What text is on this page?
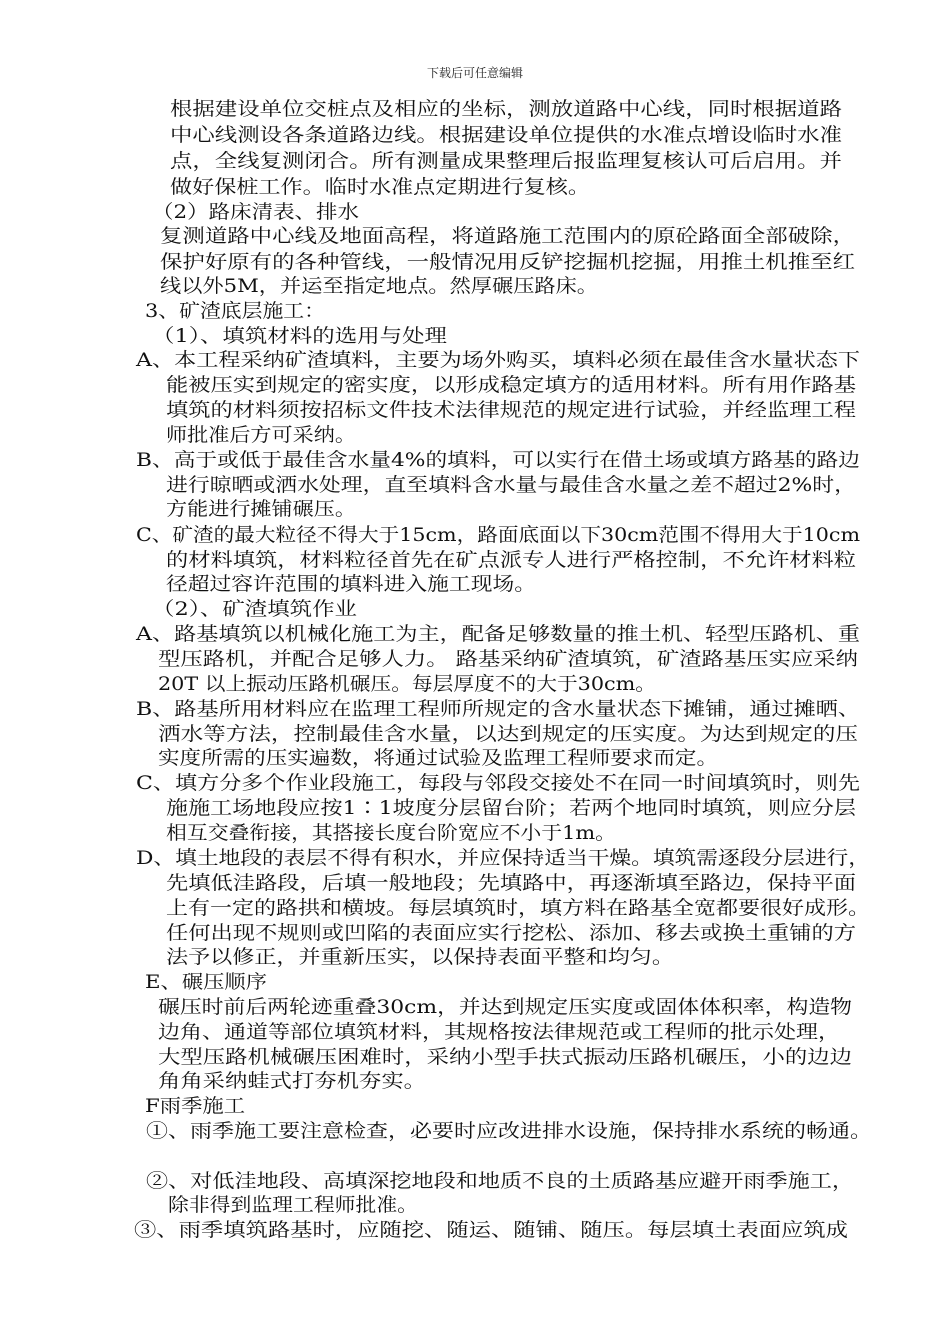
下载后可任意编辑
根据建设单位交桩点及相应的坐标，测放道路中心线，同时根据道路
中心线测设各条道路边线。根据建设单位提供的水准点增设临时水准
点，全线复测闭合。所有测量成果整理后报监理复核认可后启用。并
做好保桩工作。临时水准点定期进行复核。
（2）路床清表、排水
复测道路中心线及地面高程，将道路施工范围内的原砼路面全部破除，
保护好原有的各种管线，一般情况用反铲挖掘机挖掘，用推土机推至红
线以外5M，并运至指定地点。然厚碾压路床。
3、矿渣底层施工：
（1）、填筑材料的选用与处理
A、本工程采纳矿渣填料，主要为场外购买，填料必须在最佳含水量状态下
能被压实到规定的密实度，以形成稳定填方的适用材料。所有用作路基
填筑的材料须按招标文件技术法律规范的规定进行试验，并经监理工程
师批准后方可采纳。
B、高于或低于最佳含水量4%的填料，可以实行在借土场或填方路基的路边
进行晾晒或洒水处理，直至填料含水量与最佳含水量之差不超过2%时，
方能进行摊铺碾压。
C、矿渣的最大粒径不得大于15cm，路面底面以下30cm范围不得用大于10cm
的材料填筑，材料粒径首先在矿点派专人进行严格控制，不允许材料粒
径超过容许范围的填料进入施工现场。
（2）、矿渣填筑作业
A、路基填筑以机械化施工为主，配备足够数量的推土机、轻型压路机、重
型压路机，并配合足够人力。 路基采纳矿渣填筑，矿渣路基压实应采纳
20T 以上振动压路机碾压。每层厚度不的大于30cm。
B、路基所用材料应在监理工程师所规定的含水量状态下摊铺，通过摊晒、
洒水等方法，控制最佳含水量，以达到规定的压实度。为达到规定的压
实度所需的压实遍数，将通过试验及监理工程师要求而定。
C、填方分多个作业段施工，每段与邻段交接处不在同一时间填筑时，则先
施施工场地段应按1∶1坡度分层留台阶；若两个地同时填筑，则应分层
相互交叠衔接，其搭接长度台阶宽应不小于1m。
D、填土地段的表层不得有积水，并应保持适当干燥。填筑需逐段分层进行，
先填低洼路段，后填一般地段；先填路中，再逐渐填至路边，保持平面
上有一定的路拱和横坡。每层填筑时，填方料在路基全宽都要很好成形。
任何出现不规则或凹陷的表面应实行挖松、添加、移去或换土重铺的方
法予以修正，并重新压实，以保持表面平整和均匀。
E、碾压顺序
碾压时前后两轮迹重叠30cm，并达到规定压实度或固体体积率，构造物
边角、通道等部位填筑材料，其规格按法律规范或工程师的批示处理，
大型压路机械碾压困难时，采纳小型手扶式振动压路机碾压，小的边边
角角采纳蛙式打夯机夯实。
F雨季施工
①、雨季施工要注意检查，必要时应改进排水设施，保持排水系统的畅通。
②、对低洼地段、高填深挖地段和地质不良的土质路基应避开雨季施工，
除非得到监理工程师批准。
③、雨季填筑路基时，应随挖、随运、随铺、随压。每层填土表面应筑成
